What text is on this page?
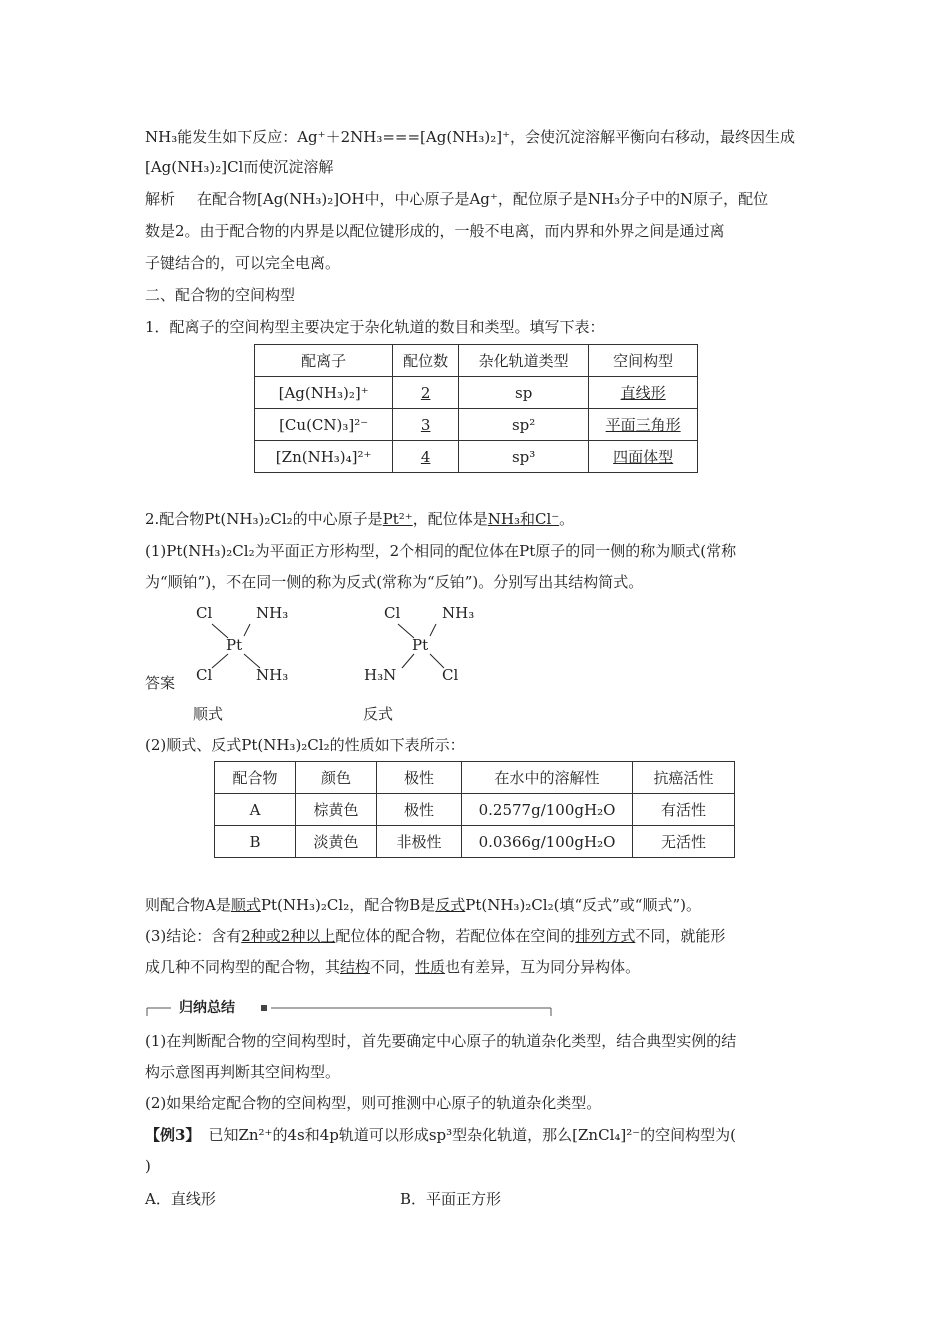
NH₃能发生如下反应：Ag⁺＋2NH₃===[Ag(NH₃)₂]⁺，会使沉淀溶解平衡向右移动，最终因生成
[Ag(NH₃)₂]Cl而使沉淀溶解
解析 在配合物[Ag(NH₃)₂]OH中，中心原子是Ag⁺，配位原子是NH₃分子中的N原子，配位
数是2。由于配合物的内界是以配位键形成的，一般不电离，而内界和外界之间是通过离
子键结合的，可以完全电离。
二、配合物的空间构型
1．配离子的空间构型主要决定于杂化轨道的数目和类型。填写下表：
配离子	配位数	杂化轨道类型	空间构型
[Ag(NH₃)₂]⁺	2	sp	直线形
[Cu(CN)₃]²⁻	3	sp²	平面三角形
[Zn(NH₃)₄]²⁺	4	sp³	四面体型
2.配合物Pt(NH₃)₂Cl₂的中心原子是Pt²⁺，配位体是NH₃和Cl⁻。
(1)Pt(NH₃)₂Cl₂为平面正方形构型，2个相同的配位体在Pt原子的同一侧的称为顺式(常称
为“顺铂”)，不在同一侧的称为反式(常称为“反铂”)。分别写出其结构简式。
答案
Cl	NH₃
Pt
Cl	NH₃
顺式
Cl	NH₃
Pt
H₃N	Cl
反式
(2)顺式、反式Pt(NH₃)₂Cl₂的性质如下表所示：
配合物	颜色	极性	在水中的溶解性	抗癌活性
A	棕黄色	极性	0.2577g/100gH₂O	有活性
B	淡黄色	非极性	0.0366g/100gH₂O	无活性
则配合物A是顺式Pt(NH₃)₂Cl₂，配合物B是反式Pt(NH₃)₂Cl₂(填“反式”或“顺式”)。
(3)结论：含有2种或2种以上配位体的配合物，若配位体在空间的排列方式不同，就能形
成几种不同构型的配合物，其结构不同，性质也有差异，互为同分异构体。
归纳总结
(1)在判断配合物的空间构型时，首先要确定中心原子的轨道杂化类型，结合典型实例的结
构示意图再判断其空间构型。
(2)如果给定配合物的空间构型，则可推测中心原子的轨道杂化类型。
【例3】 已知Zn²⁺的4s和4p轨道可以形成sp³型杂化轨道，那么[ZnCl₄]²⁻的空间构型为(
)
A．直线形	B．平面正方形
